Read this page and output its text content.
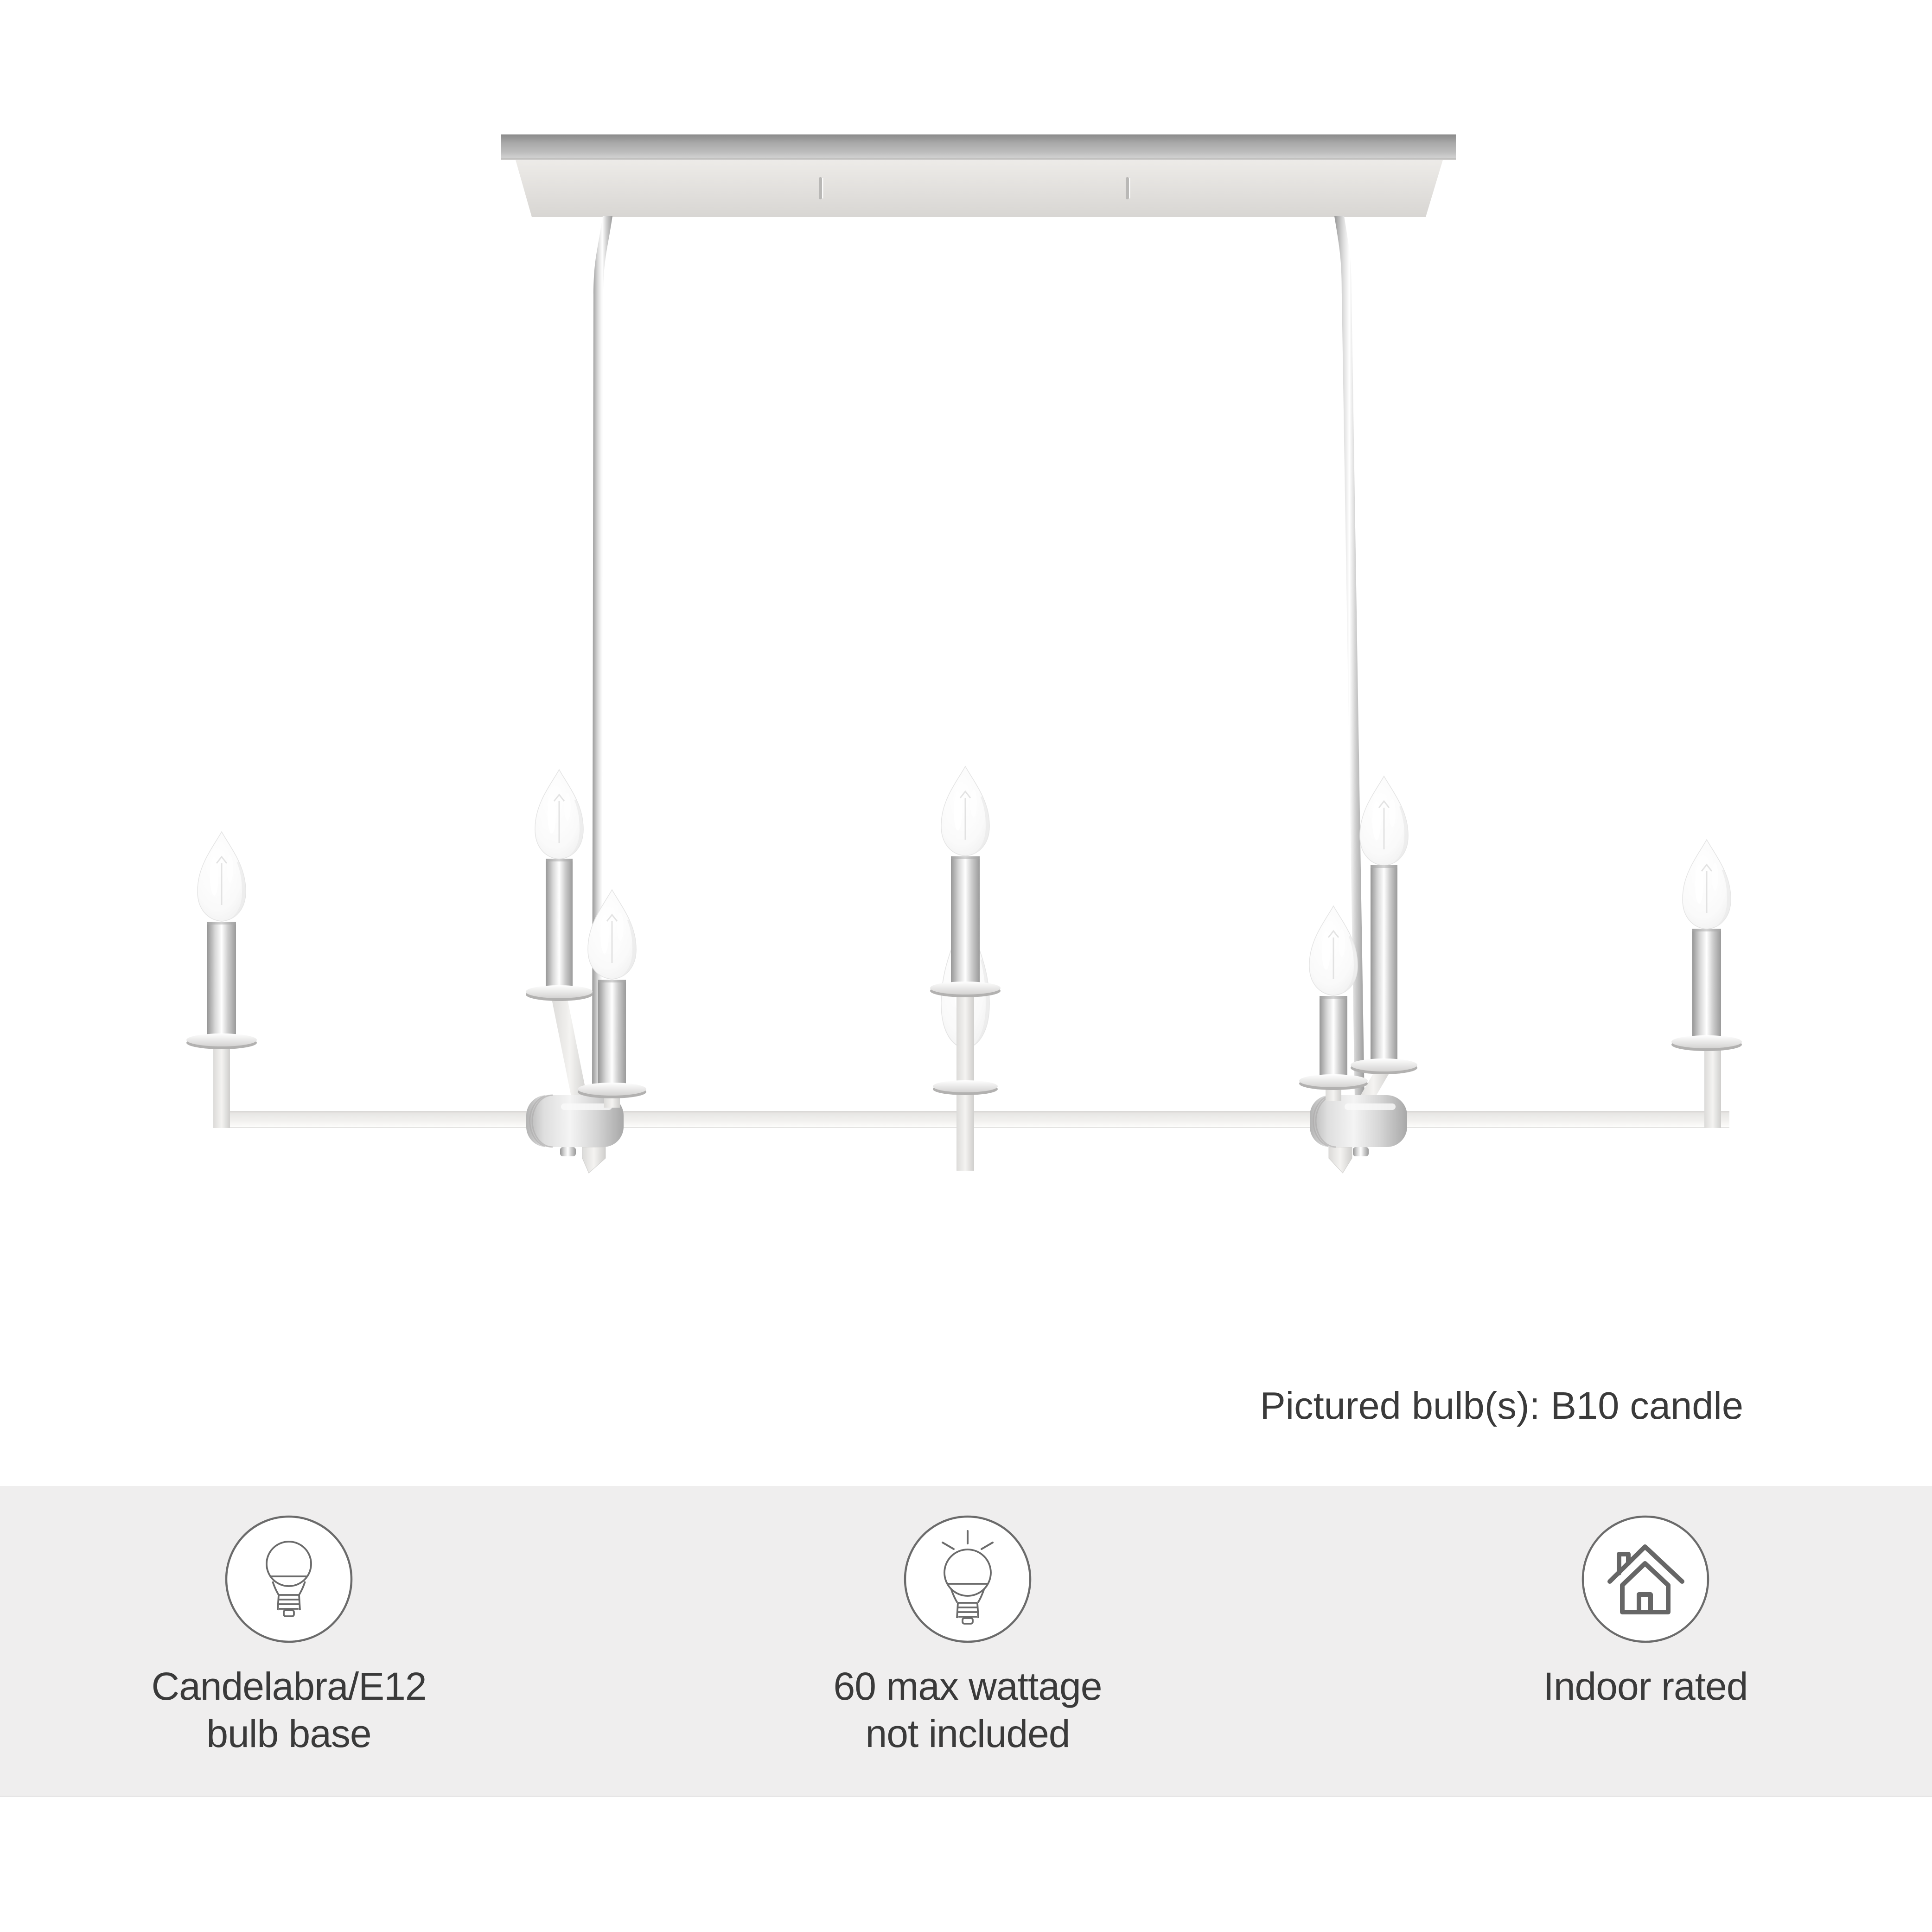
Pictured bulb(s): B10 candle
Candelabra/E12
bulb base
60 max wattage
not included
Indoor rated
